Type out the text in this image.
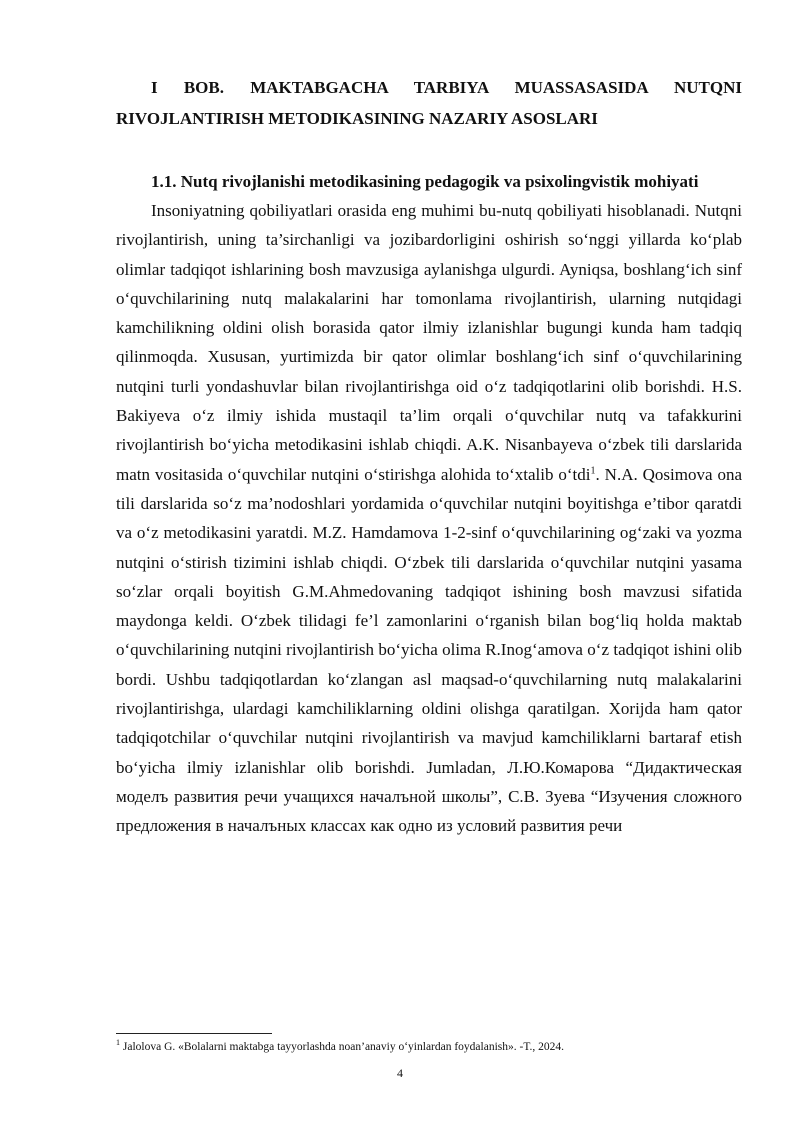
I BOB. MAKTABGACHA TARBIYA MUASSASASIDA NUTQNI RIVOJLANTIRISH METODIKASINING NAZARIY ASOSLARI
1.1. Nutq rivojlanishi metodikasining pedagogik va psixolingvistik mohiyati

Insoniyatning qobiliyatlari orasida eng muhimi bu-nutq qobiliyati hisoblanadi. Nutqni rivojlantirish, uning ta’sirchanligi va jozibardorligini oshirish so‘nggi yillarda ko‘plab olimlar tadqiqot ishlarining bosh mavzusiga aylanishga ulgurdi. Ayniqsa, boshlang‘ich sinf o‘quvchilarining nutq malakalarini har tomonlama rivojlantirish, ularning nutqidagi kamchilikning oldini olish borasida qator ilmiy izlanishlar bugungi kunda ham tadqiq qilinmoqda. Xususan, yurtimizda bir qator olimlar boshlang‘ich sinf o‘quvchilarining nutqini turli yondashuvlar bilan rivojlantirishga oid o‘z tadqiqotlarini olib borishdi. H.S. Bakiyeva o‘z ilmiy ishida mustaqil ta’lim orqali o‘quvchilar nutq va tafakkurini rivojlantirish bo‘yicha metodikasini ishlab chiqdi. A.K. Nisanbayeva o‘zbek tili darslarida matn vositasida o‘quvchilar nutqini o‘stirishga alohida to‘xtalib o‘tdi$^1$. N.A. Qosimova ona tili darslarida so‘z ma’nodoshlari yordamida o‘quvchilar nutqini boyitishga e’tibor qaratdi va o‘z metodikasini yaratdi. M.Z. Hamdamova 1-2-sinf o‘quvchilarining og‘zaki va yozma nutqini o‘stirish tizimini ishlab chiqdi. O‘zbek tili darslarida o‘quvchilar nutqini yasama so‘zlar orqali boyitish G.M.Ahmedovaning tadqiqot ishining bosh mavzusi sifatida maydonga keldi. O‘zbek tilidagi fe’l zamonlarini o‘rganish bilan bog‘liq holda maktab o‘quvchilarining nutqini rivojlantirish bo‘yicha olima R.Inog‘amova o‘z tadqiqot ishini olib bordi. Ushbu tadqiqotlardan ko‘zlangan asl maqsad-o‘quvchilarning nutq malakalarini rivojlantirishga, ulardagi kamchiliklarning oldini olishga qaratilgan. Xorijda ham qator tadqiqotchilar o‘quvchilar nutqini rivojlantirish va mavjud kamchiliklarni bartaraf etish bo‘yicha ilmiy izlanishlar olib borishdi. Jumladan, Л.Ю.Комарова “Дидактическая моделъ развития речи учащихся началъной школы”, С.В. Зуева “Изучения сложного предложения в началъных классах как одно из условий развития речи

$^1$ Jalolova G. «Bolalarni maktabga tayyorlashda noan’anaviy o‘yinlardan foydalanish». -T., 2024.
4
